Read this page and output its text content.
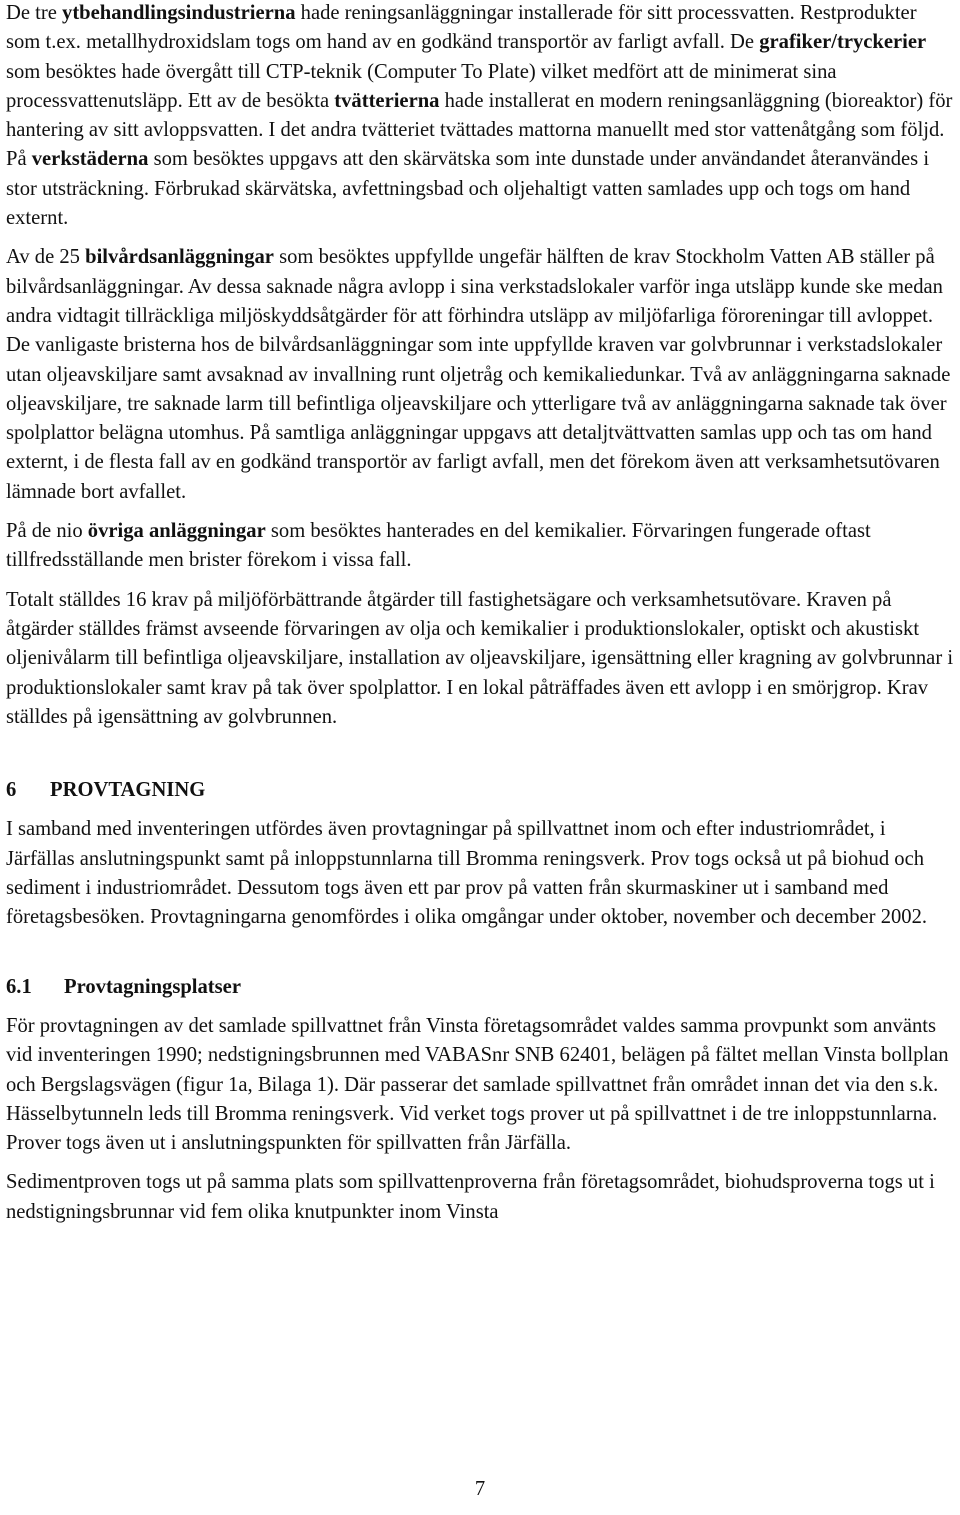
De tre ytbehandlingsindustrierna hade reningsanläggningar installerade för sitt processvatten. Restprodukter som t.ex. metallhydroxidslam togs om hand av en godkänd transportör av farligt avfall. De grafiker/tryckerier som besöktes hade övergått till CTP-teknik (Computer To Plate) vilket medfört att de minimerat sina processvattenutsläpp. Ett av de besökta tvätterierna hade installerat en modern reningsanläggning (bioreaktor) för hantering av sitt avloppsvatten. I det andra tvätteriet tvättades mattorna manuellt med stor vattenåtgång som följd. På verkstäderna som besöktes uppgavs att den skärvätska som inte dunstade under användandet återanvändes i stor utsträckning. Förbrukad skärvätska, avfettningsbad och oljehaltigt vatten samlades upp och togs om hand externt.

Av de 25 bilvårdsanläggningar som besöktes uppfyllde ungefär hälften de krav Stockholm Vatten AB ställer på bilvårdsanläggningar. Av dessa saknade några avlopp i sina verkstadslokaler varför inga utsläpp kunde ske medan andra vidtagit tillräckliga miljöskyddsåtgärder för att förhindra utsläpp av miljöfarliga föroreningar till avloppet. De vanligaste bristerna hos de bilvårdsanläggningar som inte uppfyllde kraven var golvbrunnar i verkstadslokaler utan oljeavskiljare samt avsaknad av invallning runt oljetråg och kemikaliedunkar. Två av anläggningarna saknade oljeavskiljare, tre saknade larm till befintliga oljeavskiljare och ytterligare två av anläggningarna saknade tak över spolplattor belägna utomhus. På samtliga anläggningar uppgavs att detaljtvättvatten samlas upp och tas om hand externt, i de flesta fall av en godkänd transportör av farligt avfall, men det förekom även att verksamhetsutövaren lämnade bort avfallet.

På de nio övriga anläggningar som besöktes hanterades en del kemikalier. Förvaringen fungerade oftast tillfredsställande men brister förekom i vissa fall.

Totalt ställdes 16 krav på miljöförbättrande åtgärder till fastighetsägare och verksamhetsutövare. Kraven på åtgärder ställdes främst avseende förvaringen av olja och kemikalier i produktionslokaler, optiskt och akustiskt oljenivålarm till befintliga oljeavskiljare, installation av oljeavskiljare, igensättning eller kragning av golvbrunnar i produktionslokaler samt krav på tak över spolplattor. I en lokal påträffades även ett avlopp i en smörjgrop. Krav ställdes på igensättning av golvbrunnen.

6 PROVTAGNING

I samband med inventeringen utfördes även provtagningar på spillvattnet inom och efter industriområdet, i Järfällas anslutningspunkt samt på inloppstunnlarna till Bromma reningsverk. Prov togs också ut på biohud och sediment i industriområdet. Dessutom togs även ett par prov på vatten från skurmaskiner ut i samband med företagsbesöken. Provtagningarna genomfördes i olika omgångar under oktober, november och december 2002.

6.1 Provtagningsplatser

För provtagningen av det samlade spillvattnet från Vinsta företagsområdet valdes samma provpunkt som använts vid inventeringen 1990; nedstigningsbrunnen med VABASnr SNB 62401, belägen på fältet mellan Vinsta bollplan och Bergslagsvägen (figur 1a, Bilaga 1). Där passerar det samlade spillvattnet från området innan det via den s.k. Hässelbytunneln leds till Bromma reningsverk. Vid verket togs prover ut på spillvattnet i de tre inloppstunnlarna. Prover togs även ut i anslutningspunkten för spillvatten från Järfälla.

Sedimentproven togs ut på samma plats som spillvattenproverna från företagsområdet, biohudsproverna togs ut i nedstigningsbrunnar vid fem olika knutpunkter inom Vinsta

7
